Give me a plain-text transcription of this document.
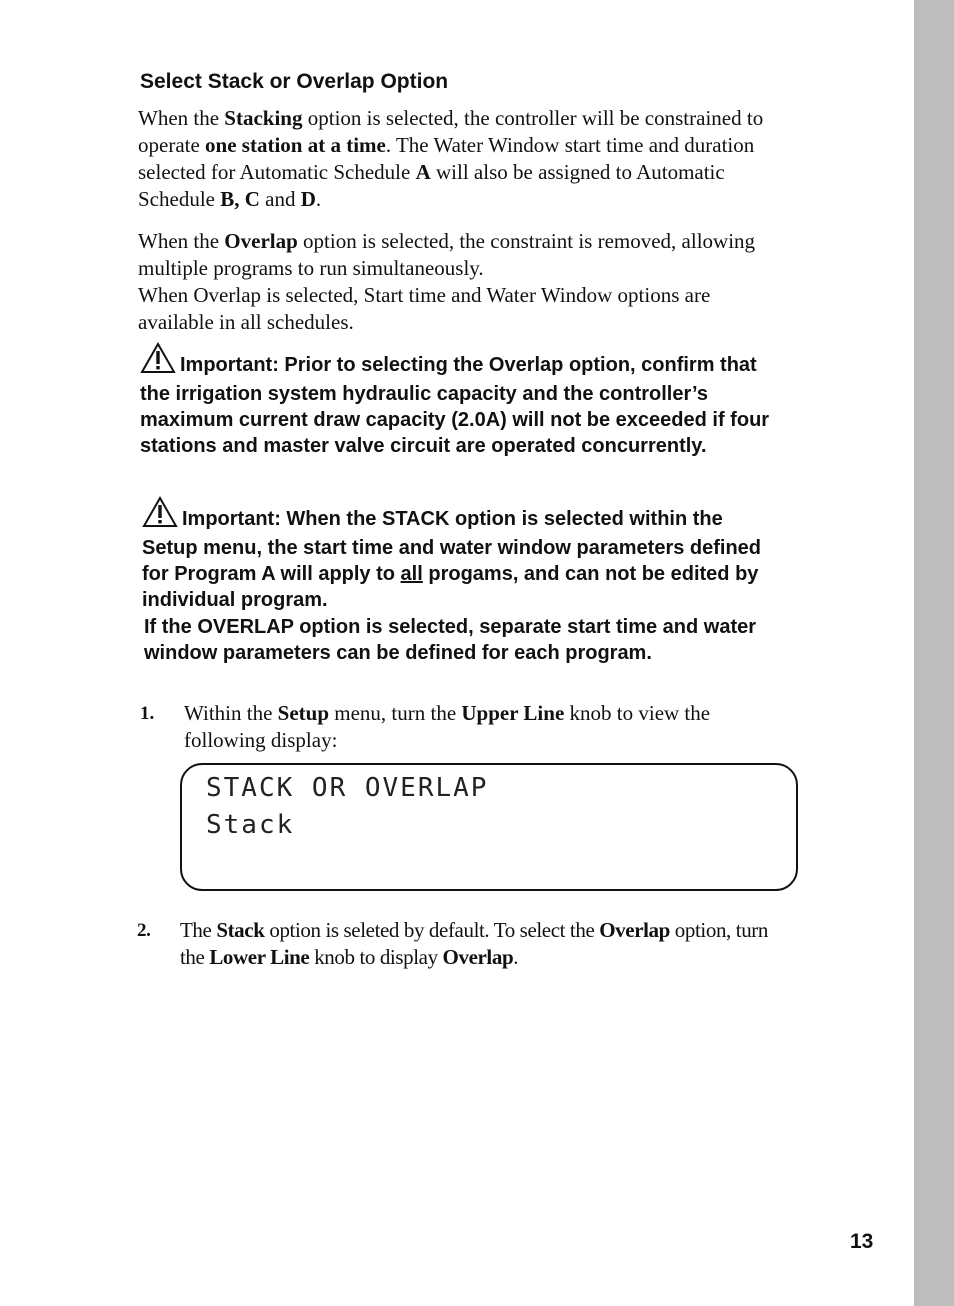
Select Stack or Overlap Option

When the Stacking option is selected, the controller will be constrained to operate one station at a time. The Water Window start time and duration selected for Automatic Schedule A will also be assigned to Automatic Schedule B, C and D.

When the Overlap option is selected, the constraint is removed, allowing multiple programs to run simultaneously.

When Overlap is selected, Start time and Water Window options are available in all schedules.

Important: Prior to selecting the Overlap option, confirm that the irrigation system hydraulic capacity and the controller’s maximum current draw capacity (2.0A) will not be exceeded if four stations and master valve circuit are operated concurrently.

Important: When the STACK option is selected within the Setup menu, the start time and water window parameters defined for Program A will apply to all progams, and can not be edited by individual program.

If the OVERLAP option is selected, separate start time and water window parameters can be defined for each program.

1. Within the Setup menu, turn the Upper Line knob to view the following display:
STACK OR OVERLAP
Stack
2. The Stack option is seleted by default. To select the Overlap option, turn the Lower Line knob to display Overlap.
13
